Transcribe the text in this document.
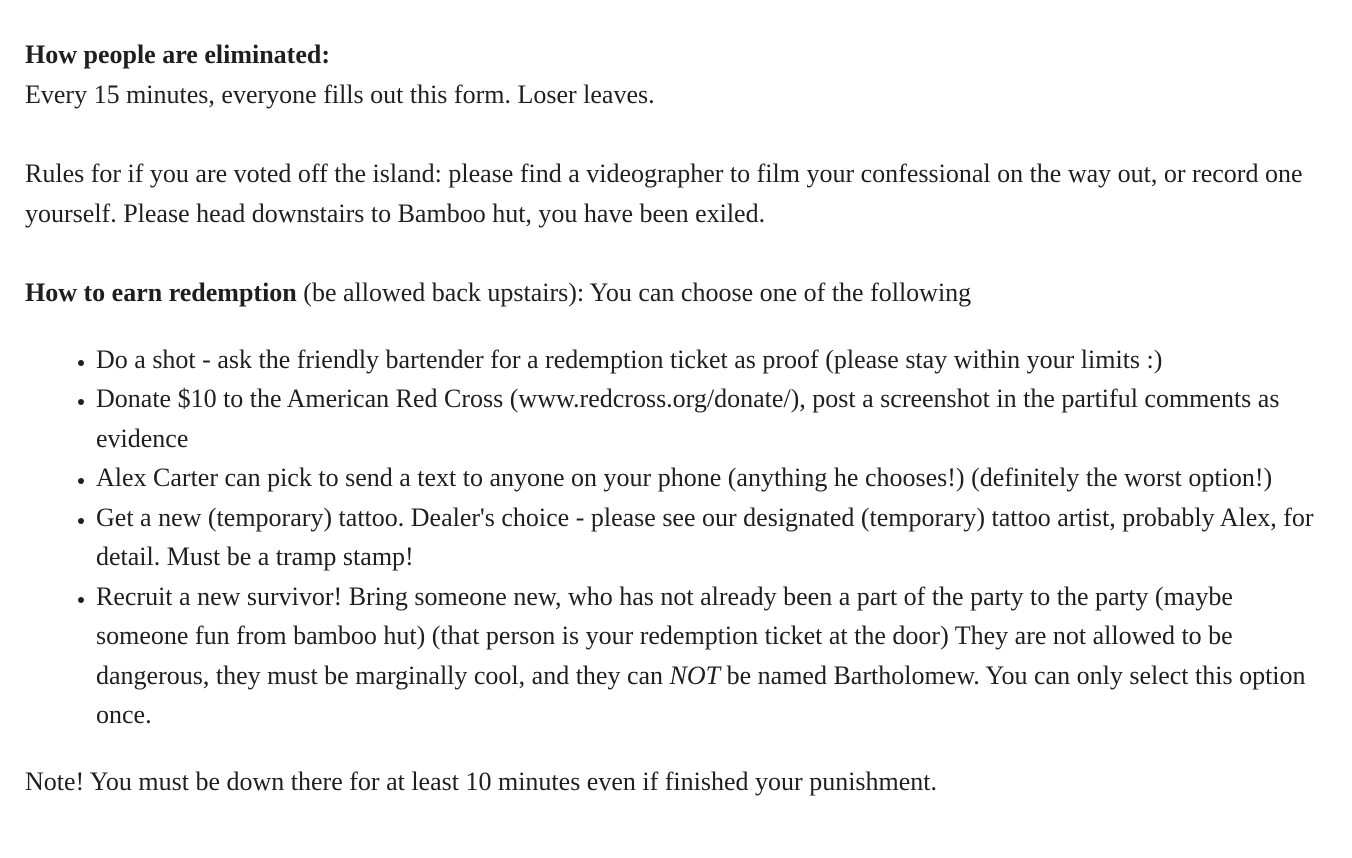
How people are eliminated:

Every 15 minutes, everyone fills out this form. Loser leaves.

Rules for if you are voted off the island: please find a videographer to film your confessional on the way out, or record one yourself. Please head downstairs to Bamboo hut, you have been exiled.

How to earn redemption (be allowed back upstairs): You can choose one of the following

• Do a shot - ask the friendly bartender for a redemption ticket as proof (please stay within your limits :)
• Donate $10 to the American Red Cross (www.redcross.org/donate/), post a screenshot in the partiful comments as evidence
• Alex Carter can pick to send a text to anyone on your phone (anything he chooses!) (definitely the worst option!)
• Get a new (temporary) tattoo. Dealer's choice - please see our designated (temporary) tattoo artist, probably Alex, for detail. Must be a tramp stamp!
• Recruit a new survivor! Bring someone new, who has not already been a part of the party to the party (maybe someone fun from bamboo hut) (that person is your redemption ticket at the door) They are not allowed to be dangerous, they must be marginally cool, and they can NOT be named Bartholomew. You can only select this option once.

Note! You must be down there for at least 10 minutes even if finished your punishment.
